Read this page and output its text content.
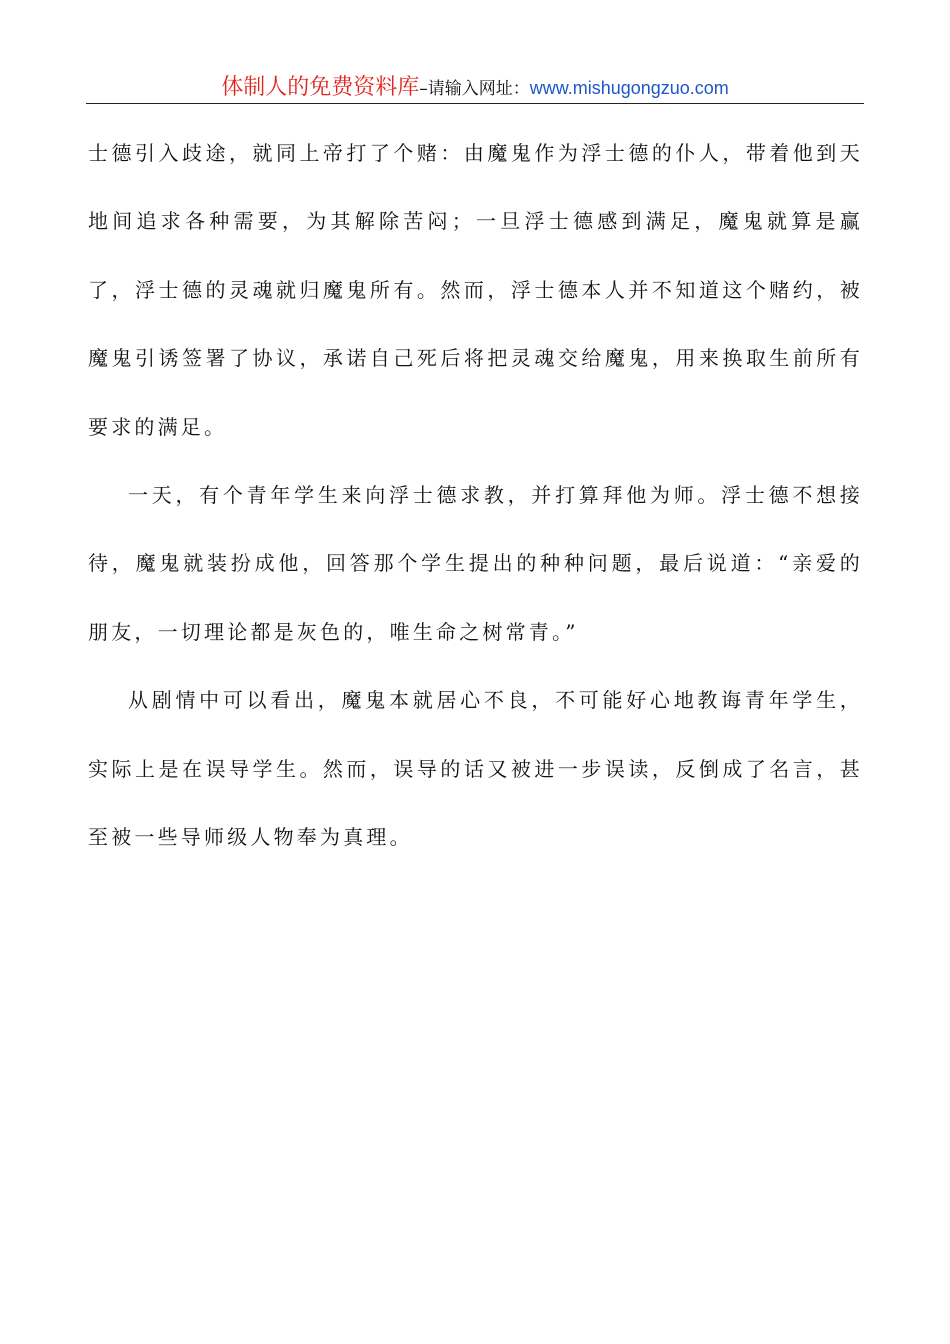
体制人的免费资料库–请输入网址：www.mishugongzuo.com

士德引入歧途，就同上帝打了个赌：由魔鬼作为浮士德的仆人，带着他到天地间追求各种需要，为其解除苦闷；一旦浮士德感到满足，魔鬼就算是赢了，浮士德的灵魂就归魔鬼所有。然而，浮士德本人并不知道这个赌约，被魔鬼引诱签署了协议，承诺自己死后将把灵魂交给魔鬼，用来换取生前所有要求的满足。

一天，有个青年学生来向浮士德求教，并打算拜他为师。浮士德不想接待，魔鬼就装扮成他，回答那个学生提出的种种问题，最后说道：“亲爱的朋友，一切理论都是灰色的，唯生命之树常青。”

从剧情中可以看出，魔鬼本就居心不良，不可能好心地教诲青年学生，实际上是在误导学生。然而，误导的话又被进一步误读，反倒成了名言，甚至被一些导师级人物奉为真理。
